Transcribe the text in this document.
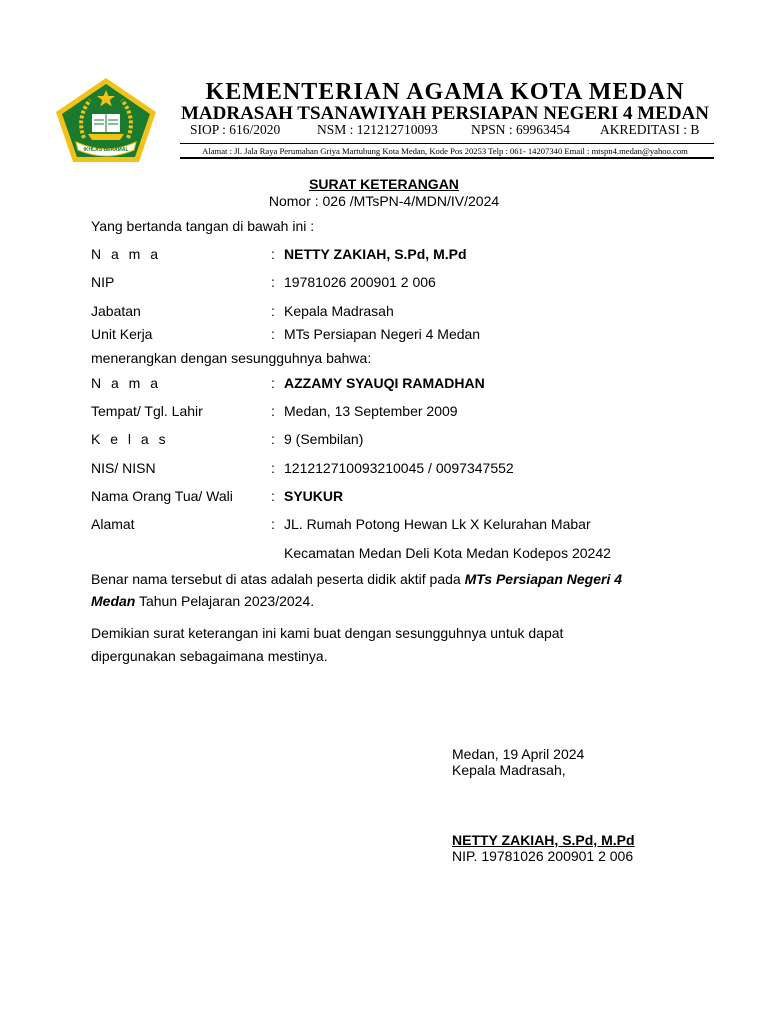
IKHLAS BERAMAL
KEMENTERIAN AGAMA KOTA MEDAN
MADRASAH TSANAWIYAH PERSIAPAN NEGERI 4 MEDAN
SIOP : 616/2020	NSM : 121212710093 NPSN : 69963454 AKREDITASI : B
Alamat : Jl. Jala Raya Perumahan Griya Martubung Kota Medan, Kode Pos 20253 Telp : 061- 14207340 Email : mtspn4.medan@yahoo.com
SURAT KETERANGAN
Nomor : 026 /MTsPN-4/MDN/IV/2024
Yang bertanda tangan di bawah ini :
N a m a	: NETTY ZAKIAH, S.Pd, M.Pd
NIP	: 19781026 200901 2 006
Jabatan	: Kepala Madrasah
Unit Kerja	: MTs Persiapan Negeri 4 Medan
menerangkan dengan sesungguhnya bahwa:
N a m a	: AZZAMY SYAUQI RAMADHAN
Tempat/ Tgl. Lahir	: Medan, 13 September 2009
K e l a s	: 9 (Sembilan)
NIS/ NISN	: 121212710093210045 / 0097347552
Nama Orang Tua/ Wali	: SYUKUR
Alamat	: JL. Rumah Potong Hewan Lk X Kelurahan Mabar
Kecamatan Medan Deli Kota Medan Kodepos 20242
Benar nama tersebut di atas adalah peserta didik aktif pada MTs Persiapan Negeri 4
Medan Tahun Pelajaran 2023/2024.
Demikian surat keterangan ini kami buat dengan sesungguhnya untuk dapat
dipergunakan sebagaimana mestinya.
Medan, 19 April 2024
Kepala Madrasah,
NETTY ZAKIAH, S.Pd, M.Pd
NIP. 19781026 200901 2 006
